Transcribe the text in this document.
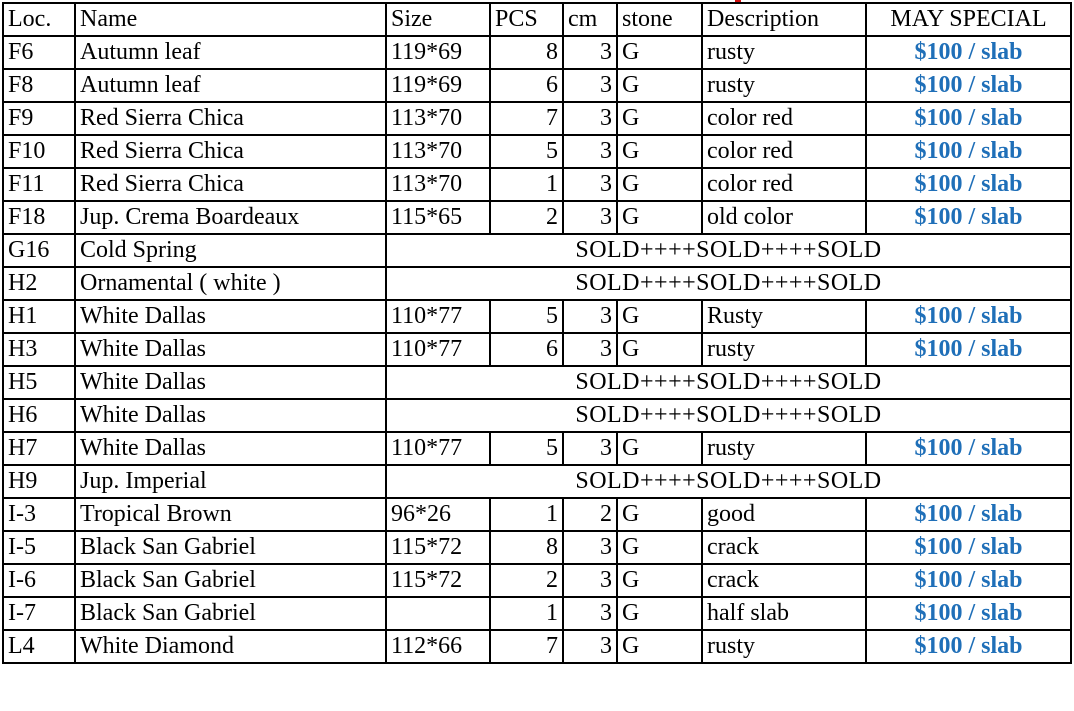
Loc.	Name	Size	PCS	cm	stone	Description	MAY SPECIAL
F6	Autumn leaf	119*69	8	3	G	rusty	$100 / slab
F8	Autumn leaf	119*69	6	3	G	rusty	$100 / slab
F9	Red Sierra Chica	113*70	7	3	G	color red	$100 / slab
F10	Red Sierra Chica	113*70	5	3	G	color red	$100 / slab
F11	Red Sierra Chica	113*70	1	3	G	color red	$100 / slab
F18	Jup. Crema Boardeaux	115*65	2	3	G	old color	$100 / slab
G16	Cold Spring	SOLD++++SOLD++++SOLD					
H2	Ornamental ( white )	SOLD++++SOLD++++SOLD					
H1	White Dallas	110*77	5	3	G	Rusty	$100 / slab
H3	White Dallas	110*77	6	3	G	rusty	$100 / slab
H5	White Dallas	SOLD++++SOLD++++SOLD					
H6	White Dallas	SOLD++++SOLD++++SOLD					
H7	White Dallas	110*77	5	3	G	rusty	$100 / slab
H9	Jup. Imperial	SOLD++++SOLD++++SOLD					
I-3	Tropical Brown	96*26	1	2	G	good	$100 / slab
I-5	Black San Gabriel	115*72	8	3	G	crack	$100 / slab
I-6	Black San Gabriel	115*72	2	3	G	crack	$100 / slab
I-7	Black San Gabriel		1	3	G	half slab	$100 / slab
L4	White Diamond	112*66	7	3	G	rusty	$100 / slab
